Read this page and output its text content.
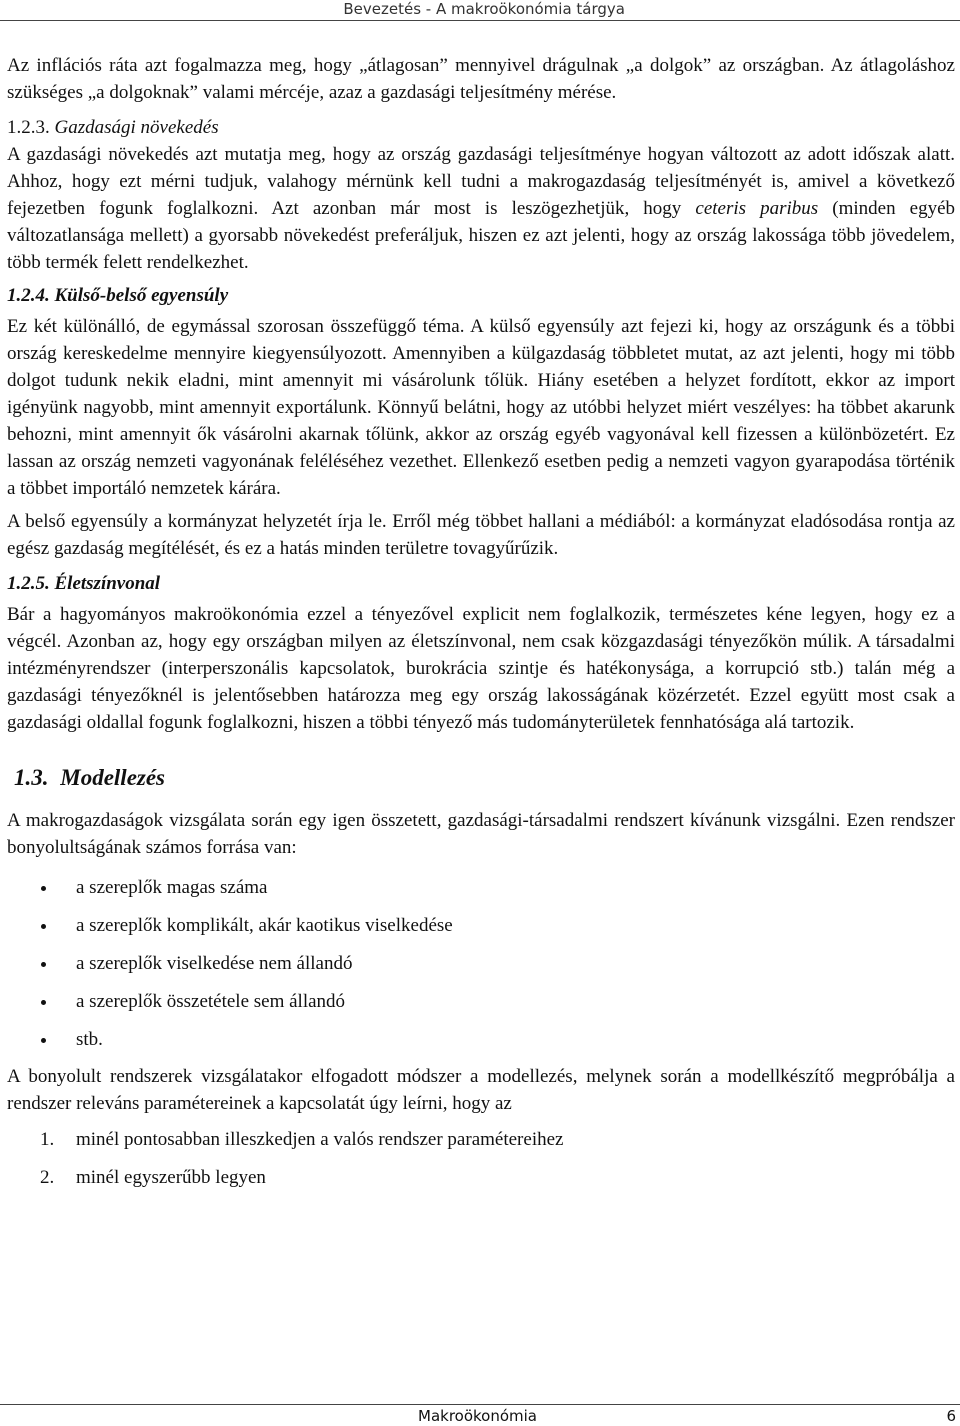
Bevezetés - A makroökonómia tárgya

Az inflációs ráta azt fogalmazza meg, hogy „átlagosan” mennyivel drágulnak „a dolgok” az országban. Az átlagoláshoz szükséges „a dolgoknak” valami mércéje, azaz a gazdasági teljesítmény mérése.

1.2.3. Gazdasági növekedés

A gazdasági növekedés azt mutatja meg, hogy az ország gazdasági teljesítménye hogyan változott az adott időszak alatt. Ahhoz, hogy ezt mérni tudjuk, valahogy mérnünk kell tudni a makrogazdaság teljesítményét is, amivel a következő fejezetben fogunk foglalkozni. Azt azonban már most is leszögezhetjük, hogy ceteris paribus (minden egyéb változatlansága mellett) a gyorsabb növekedést preferáljuk, hiszen ez azt jelenti, hogy az ország lakossága több jövedelem, több termék felett rendelkezhet.

1.2.4. Külső-belső egyensúly

Ez két különálló, de egymással szorosan összefüggő téma. A külső egyensúly azt fejezi ki, hogy az országunk és a többi ország kereskedelme mennyire kiegyensúlyozott. Amennyiben a külgazdaság többletet mutat, az azt jelenti, hogy mi több dolgot tudunk nekik eladni, mint amennyit mi vásárolunk tőlük. Hiány esetében a helyzet fordított, ekkor az import igényünk nagyobb, mint amennyit exportálunk. Könnyű belátni, hogy az utóbbi helyzet miért veszélyes: ha többet akarunk behozni, mint amennyit ők vásárolni akarnak tőlünk, akkor az ország egyéb vagyonával kell fizessen a különbözetért. Ez lassan az ország nemzeti vagyonának feléléséhez vezethet. Ellenkező esetben pedig a nemzeti vagyon gyarapodása történik a többet importáló nemzetek kárára.

A belső egyensúly a kormányzat helyzetét írja le. Erről még többet hallani a médiából: a kormányzat eladósodása rontja az egész gazdaság megítélését, és ez a hatás minden területre tovagyűrűzik.

1.2.5. Életszínvonal

Bár a hagyományos makroökonómia ezzel a tényezővel explicit nem foglalkozik, természetes kéne legyen, hogy ez a végcél. Azonban az, hogy egy országban milyen az életszínvonal, nem csak közgazdasági tényezőkön múlik. A társadalmi intézményrendszer (interperszonális kapcsolatok, burokrácia szintje és hatékonysága, a korrupció stb.) talán még a gazdasági tényezőknél is jelentősebben határozza meg egy ország lakosságának közérzetét. Ezzel együtt most csak a gazdasági oldallal fogunk foglalkozni, hiszen a többi tényező más tudományterületek fennhatósága alá tartozik.

1.3. Modellezés

A makrogazdaságok vizsgálata során egy igen összetett, gazdasági-társadalmi rendszert kívánunk vizsgálni. Ezen rendszer bonyolultságának számos forrása van:

a szereplők magas száma
a szereplők komplikált, akár kaotikus viselkedése
a szereplők viselkedése nem állandó
a szereplők összetétele sem állandó
stb.

A bonyolult rendszerek vizsgálatakor elfogadott módszer a modellezés, melynek során a modellkészítő megpróbálja a rendszer releváns paramétereinek a kapcsolatát úgy leírni, hogy az

1. minél pontosabban illeszkedjen a valós rendszer paramétereihez
2. minél egyszerűbb legyen
Makroökonómia	6
